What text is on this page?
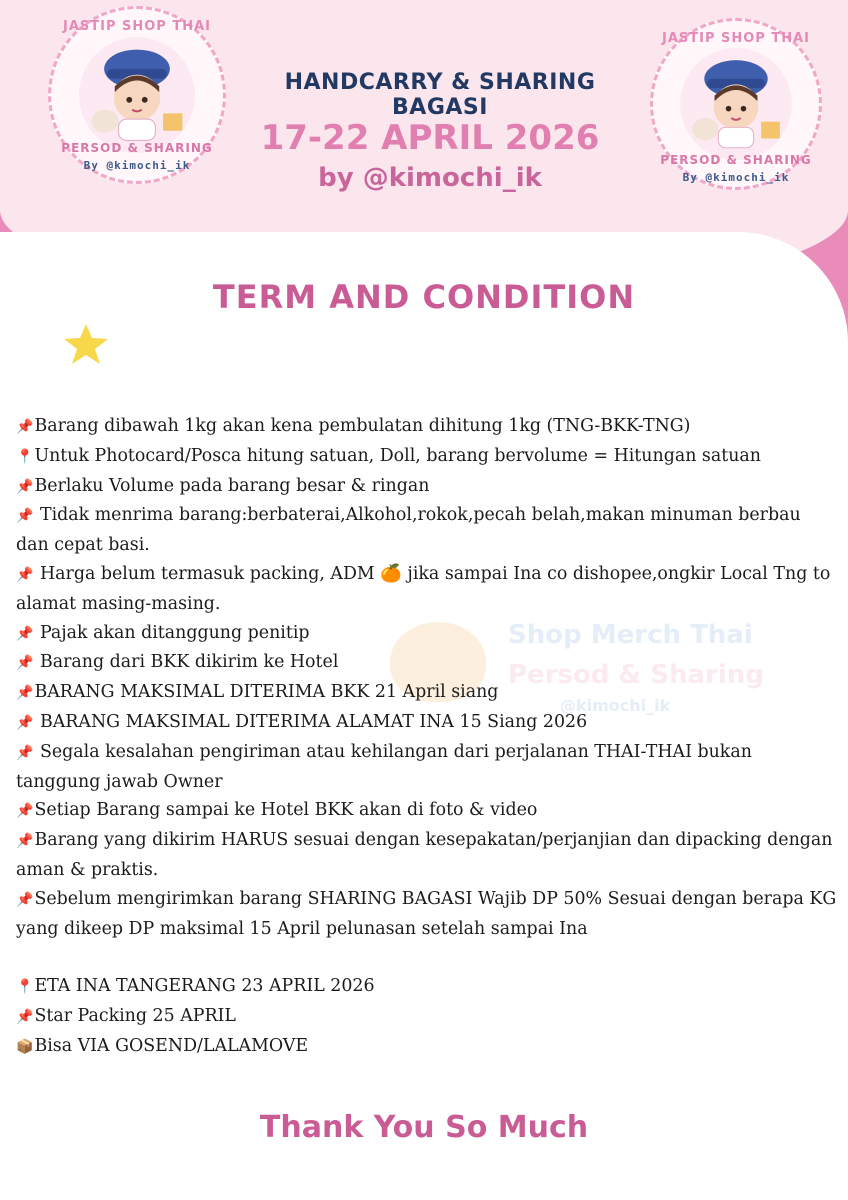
JASTIP SHOP THAI
PERSOD & SHARING
By @kimochi_ik
JASTIP SHOP THAI
PERSOD & SHARING
By @kimochi_ik
HANDCARRY & SHARING BAGASI
17-22 APRIL 2026
by @kimochi_ik
TERM AND CONDITION
Shop Merch Thai
Persod & Sharing
@kimochi_ik

📌Barang dibawah 1kg akan kena pembulatan dihitung 1kg (TNG-BKK-TNG)

📍Untuk Photocard/Posca hitung satuan, Doll, barang bervolume = Hitungan satuan

📌Berlaku Volume pada barang besar & ringan

📌 Tidak menrima barang:berbaterai,Alkohol,rokok,pecah belah,makan minuman berbau dan cepat basi.

📌 Harga belum termasuk packing, ADM 🍊 jika sampai Ina co dishopee,ongkir Local Tng to alamat masing-masing.

📌 Pajak akan ditanggung penitip

📌 Barang dari BKK dikirim ke Hotel

📌BARANG MAKSIMAL DITERIMA BKK 21 April siang

📌 BARANG MAKSIMAL DITERIMA ALAMAT INA 15 Siang 2026

📌 Segala kesalahan pengiriman atau kehilangan dari perjalanan THAI-THAI bukan tanggung jawab Owner

📌Setiap Barang sampai ke Hotel BKK akan di foto & video

📌Barang yang dikirim HARUS sesuai dengan kesepakatan/perjanjian dan dipacking dengan aman & praktis.

📌Sebelum mengirimkan barang SHARING BAGASI Wajib DP 50% Sesuai dengan berapa KG yang dikeep DP maksimal 15 April pelunasan setelah sampai Ina

📍ETA INA TANGERANG 23 APRIL 2026

📌Star Packing 25 APRIL

📦Bisa VIA GOSEND/LALAMOVE

Thank You So Much
